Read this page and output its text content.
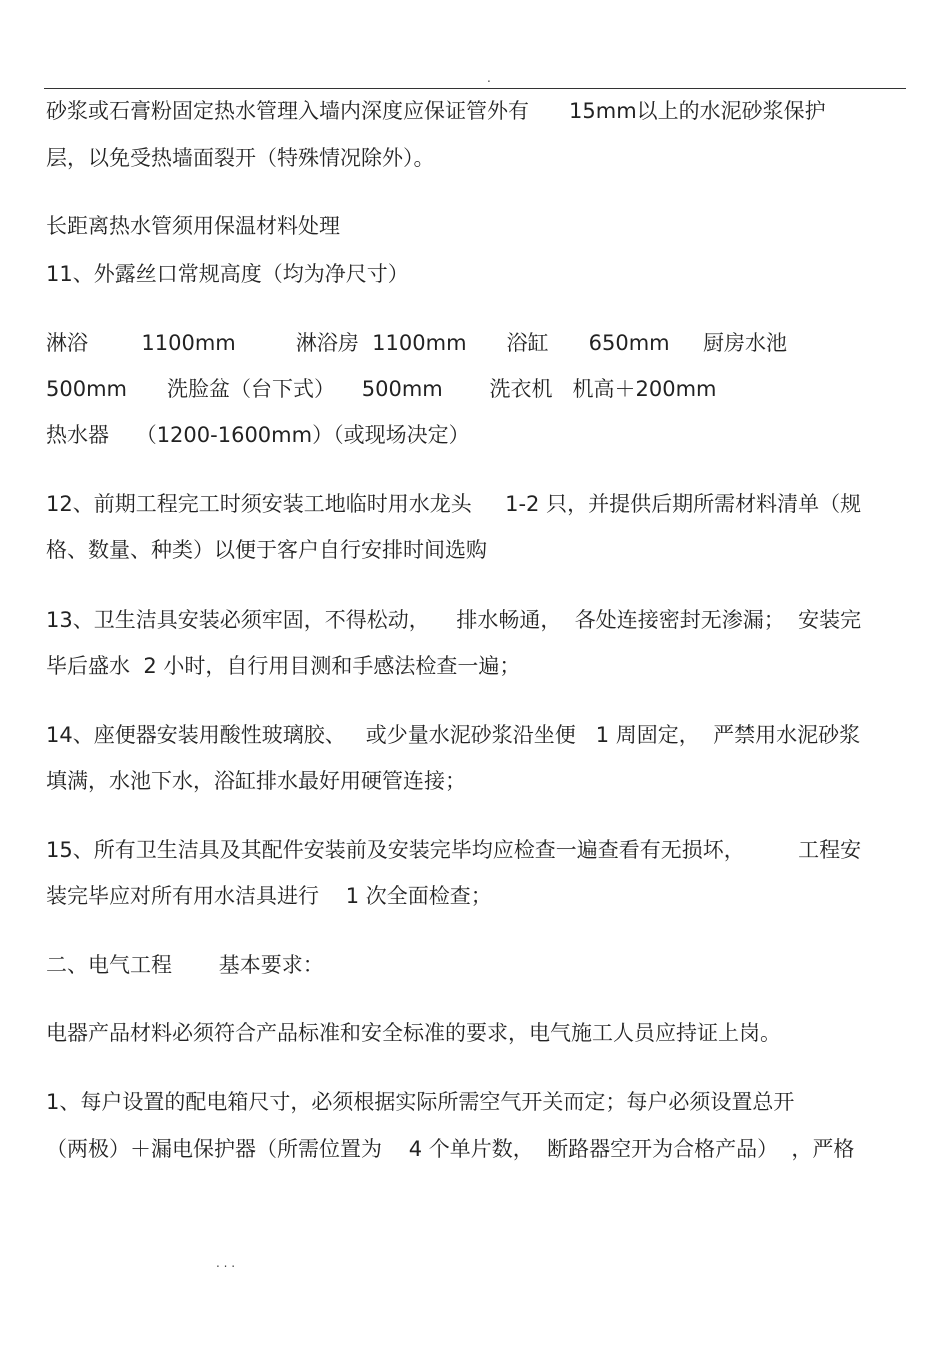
.
砂浆或石膏粉固定热水管理入墙内深度应保证管外有      15mm以上的水泥砂浆保护
层，以免受热墙面裂开（特殊情况除外）。
长距离热水管须用保温材料处理
11、外露丝口常规高度（均为净尺寸）
淋浴        1100mm         淋浴房  1100mm      浴缸      650mm     厨房水池
500mm      洗脸盆（台下式）    500mm       洗衣机   机高＋200mm
热水器    （1200-1600mm）（或现场决定）
12、前期工程完工时须安装工地临时用水龙头     1-2 只，并提供后期所需材料清单（规
格、数量、种类）以便于客户自行安排时间选购
13、卫生洁具安装必须牢固，不得松动，    排水畅通，  各处连接密封无渗漏；  安装完
毕后盛水  2 小时，自行用目测和手感法检查一遍；
14、座便器安装用酸性玻璃胶、   或少量水泥砂浆沿坐便   1 周固定，  严禁用水泥砂浆
填满，水池下水，浴缸排水最好用硬管连接；
15、所有卫生洁具及其配件安装前及安装完毕均应检查一遍查看有无损坏，        工程安
装完毕应对所有用水洁具进行    1 次全面检查；
二、电气工程       基本要求：
电器产品材料必须符合产品标准和安全标准的要求，电气施工人员应持证上岗。
1、每户设置的配电箱尺寸，必须根据实际所需空气开关而定；每户必须设置总开
（两极）＋漏电保护器（所需位置为    4 个单片数，  断路器空开为合格产品）  ，严格
. . .
